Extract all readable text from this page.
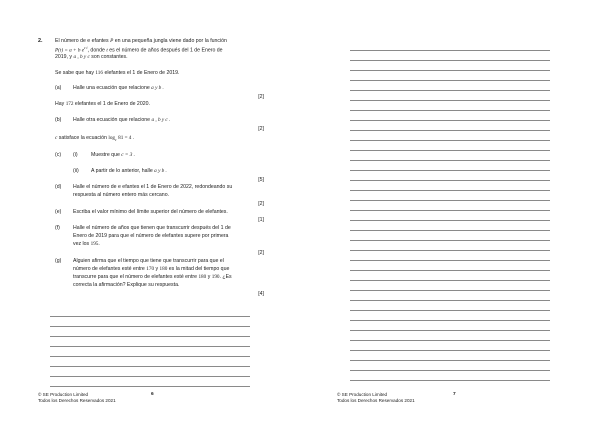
2. El número de e efantes P en una pequeña jungla viene dado por la función
P(t) = a + b $e^{c t}$, donde t es el número de años después del 1 de Enero de
2019, y a , b y c son constantes.
Se sabe que hay 116 elefantes el 1 de Enero de 2019.
(a) Halle una ecuación que relacione a y b .
[2]
Hay 172 elefantes el 1 de Enero de 2020.
(b) Halle otra ecuación que relacione a , b y c .
[2]
c satisface la ecuación $\log_c 81 = 4$ .
(c) (i)	Muestre que c = 3 .
(ii) A partir de lo anterior, halle a y b .
[5]
(d) Halle el número de e efantes el 1 de Enero de 2022, redondeando su
respuesta al número entero más cercano.
[2]
(e) Escriba el valor mínimo del límite superior del número de elefantes.
[1]
(f)	Halle el número de años que tienen que transcurrir después del 1 de
Enero de 2019 para que el número de elefantes supere por primera
vez los 195.
[2]
(g) Alguien afirma que el tiempo que tiene que transcurrir para que el
número de elefantes esté entre 170 y 180 es la mitad del tiempo que
transcurre para que el número de elefantes esté entre 180 y 190. ¿Es
correcta la afirmación? Explique su respuesta.
[4]
© SE Production Limited
Todos los Derechos Reservados 2021
6	© SE Production Limited
Todos los Derechos Reservados 2021
7
